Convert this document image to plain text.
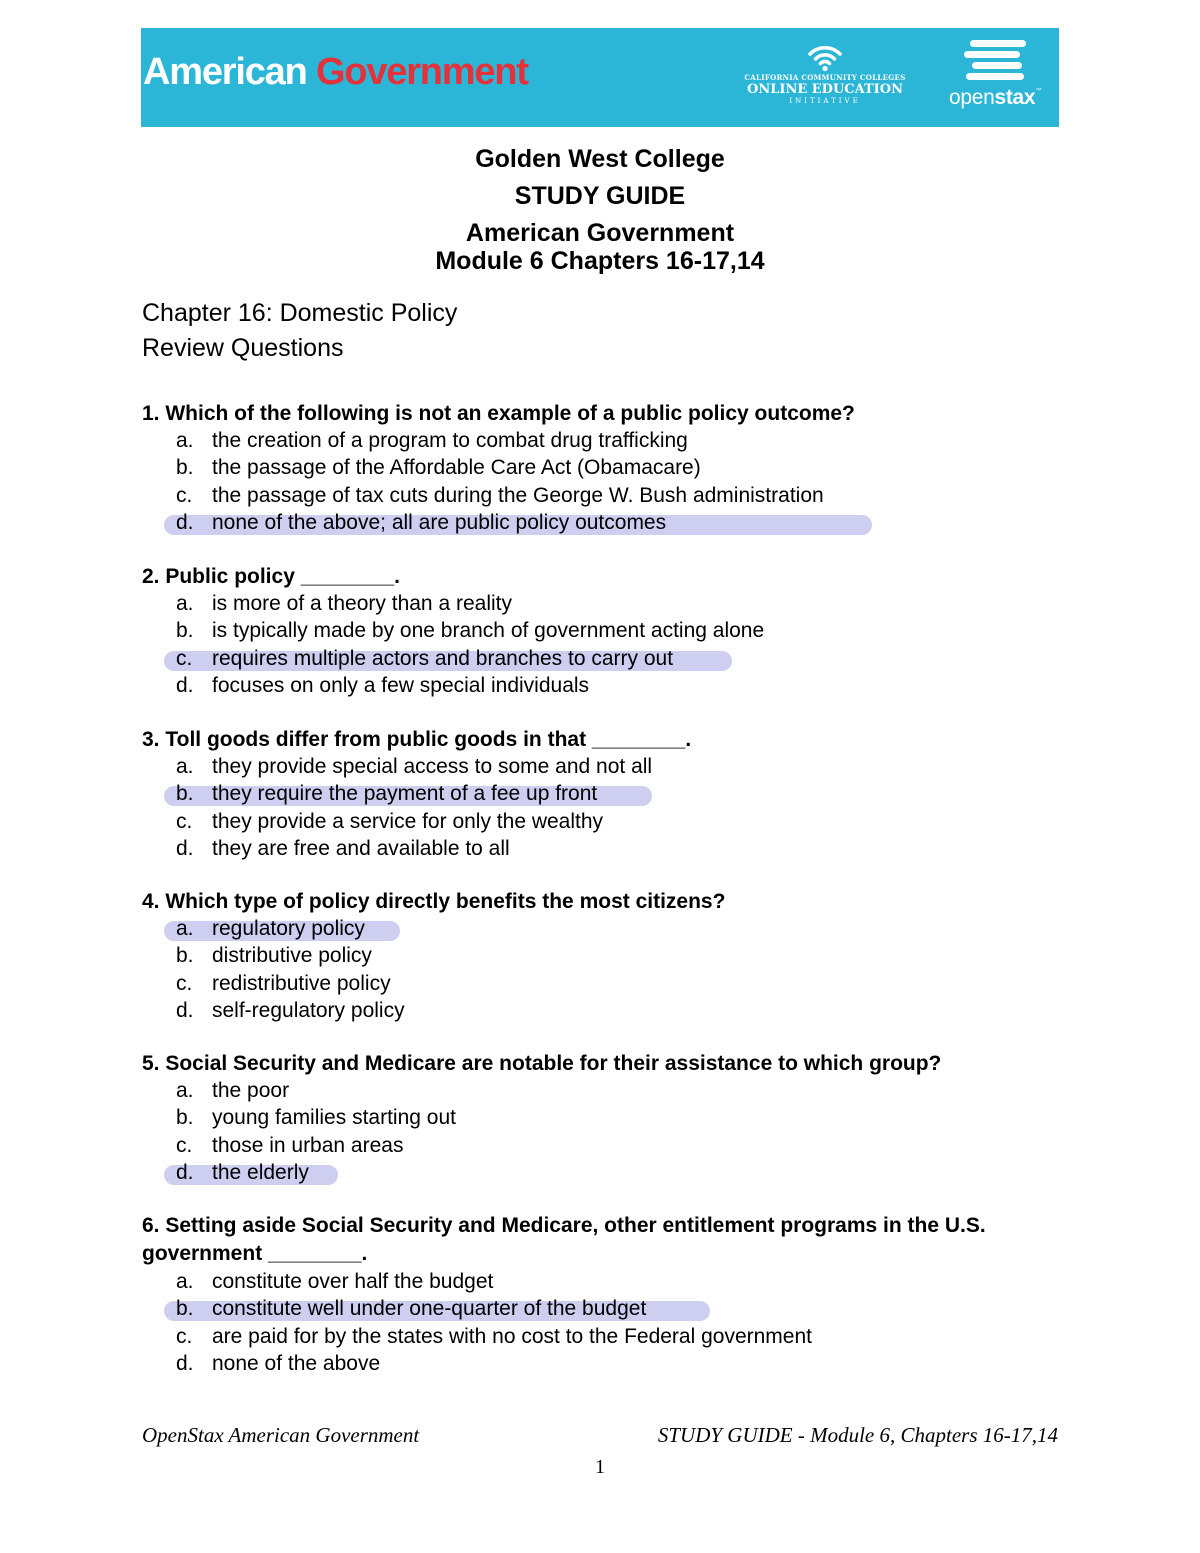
American Government	CALIFORNIA COMMUNITY COLLEGES
ONLINE EDUCATION
INITIATIVE	openstax™
Golden West College
STUDY GUIDE
American Government
Module 6 Chapters 16-17,14
Chapter 16: Domestic Policy
Review Questions
1. Which of the following is not an example of a public policy outcome?
a. the creation of a program to combat drug trafficking
b. the passage of the Affordable Care Act (Obamacare)
c. the passage of tax cuts during the George W. Bush administration
d. none of the above; all are public policy outcomes
2. Public policy ________.
a. is more of a theory than a reality
b. is typically made by one branch of government acting alone
c. requires multiple actors and branches to carry out
d. focuses on only a few special individuals
3. Toll goods differ from public goods in that ________.
a. they provide special access to some and not all
b. they require the payment of a fee up front
c. they provide a service for only the wealthy
d. they are free and available to all
4. Which type of policy directly benefits the most citizens?
a. regulatory policy
b. distributive policy
c. redistributive policy
d. self-regulatory policy
5. Social Security and Medicare are notable for their assistance to which group?
a. the poor
b. young families starting out
c. those in urban areas
d. the elderly
6. Setting aside Social Security and Medicare, other entitlement programs in the U.S. government ________.
a. constitute over half the budget
b. constitute well under one-quarter of the budget
c. are paid for by the states with no cost to the Federal government
d. none of the above
OpenStax American Government	STUDY GUIDE - Module 6, Chapters 16-17,14
1
